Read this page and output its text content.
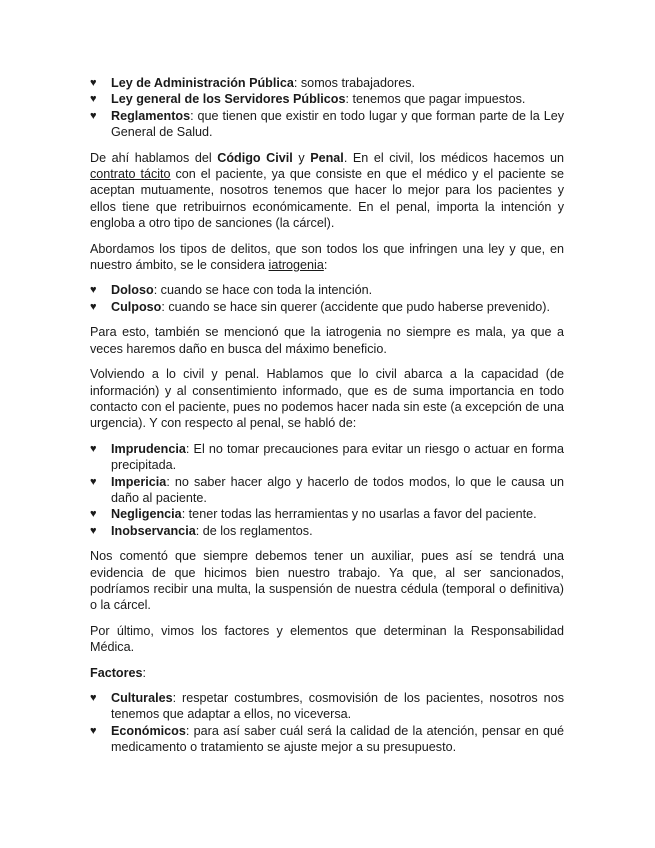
♥ Ley de Administración Pública: somos trabajadores.
♥ Ley general de los Servidores Públicos: tenemos que pagar impuestos.
♥ Reglamentos: que tienen que existir en todo lugar y que forman parte de la Ley General de Salud.

De ahí hablamos del Código Civil y Penal. En el civil, los médicos hacemos un contrato tácito con el paciente, ya que consiste en que el médico y el paciente se aceptan mutuamente, nosotros tenemos que hacer lo mejor para los pacientes y ellos tiene que retribuirnos económicamente. En el penal, importa la intención y engloba a otro tipo de sanciones (la cárcel).

Abordamos los tipos de delitos, que son todos los que infringen una ley y que, en nuestro ámbito, se le considera iatrogenia:

♥ Doloso: cuando se hace con toda la intención.
♥ Culposo: cuando se hace sin querer (accidente que pudo haberse prevenido).

Para esto, también se mencionó que la iatrogenia no siempre es mala, ya que a veces haremos daño en busca del máximo beneficio.

Volviendo a lo civil y penal. Hablamos que lo civil abarca a la capacidad (de información) y al consentimiento informado, que es de suma importancia en todo contacto con el paciente, pues no podemos hacer nada sin este (a excepción de una urgencia). Y con respecto al penal, se habló de:

♥ Imprudencia: El no tomar precauciones para evitar un riesgo o actuar en forma precipitada.
♥ Impericia: no saber hacer algo y hacerlo de todos modos, lo que le causa un daño al paciente.
♥ Negligencia: tener todas las herramientas y no usarlas a favor del paciente.
♥ Inobservancia: de los reglamentos.

Nos comentó que siempre debemos tener un auxiliar, pues así se tendrá una evidencia de que hicimos bien nuestro trabajo. Ya que, al ser sancionados, podríamos recibir una multa, la suspensión de nuestra cédula (temporal o definitiva) o la cárcel.

Por último, vimos los factores y elementos que determinan la Responsabilidad Médica.

Factores:

♥ Culturales: respetar costumbres, cosmovisión de los pacientes, nosotros nos tenemos que adaptar a ellos, no viceversa.
♥ Económicos: para así saber cuál será la calidad de la atención, pensar en qué medicamento o tratamiento se ajuste mejor a su presupuesto.
